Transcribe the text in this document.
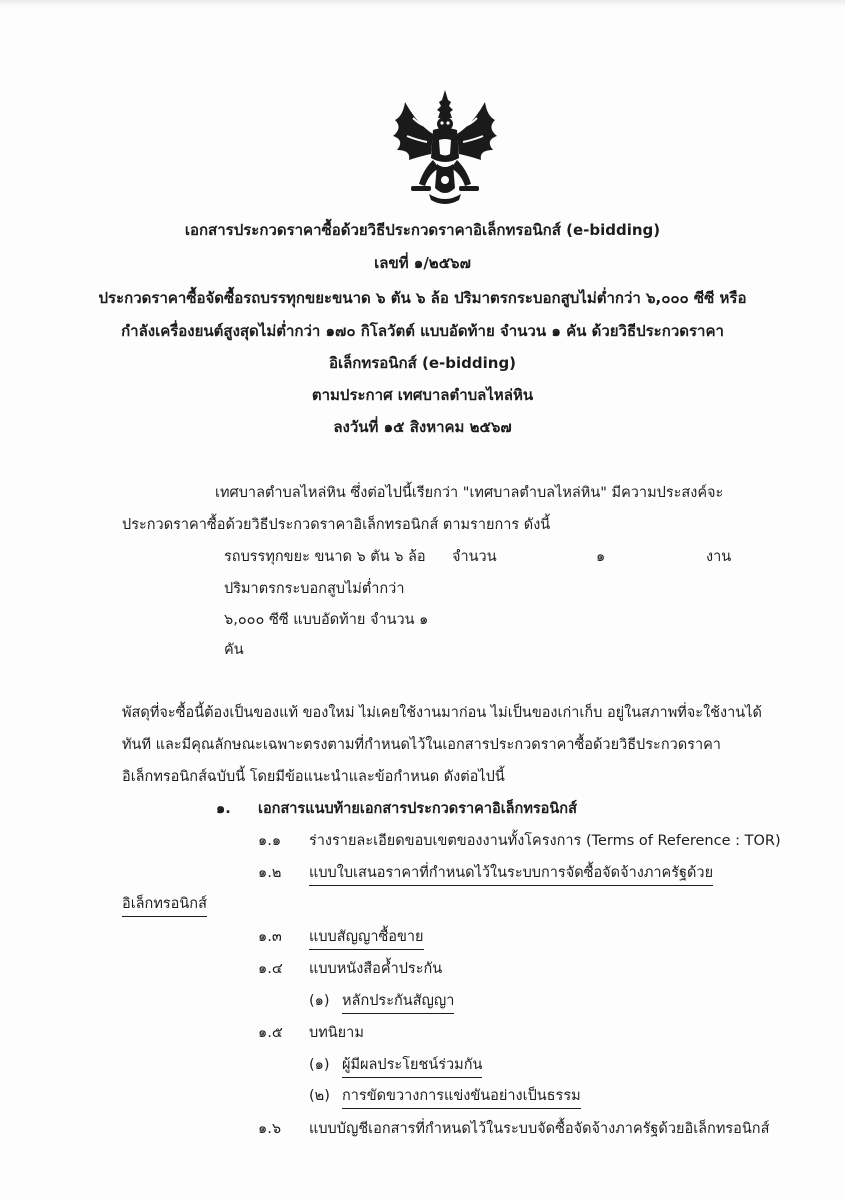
เอกสารประกวดราคาซื้อด้วยวิธีประกวดราคาอิเล็กทรอนิกส์ (e-bidding)
เลขที่ ๑/๒๕๖๗
ประกวดราคาซื้อจัดซื้อรถบรรทุกขยะขนาด ๖ ตัน ๖ ล้อ ปริมาตรกระบอกสูบไม่ต่ำกว่า ๖,๐๐๐ ซีซี หรือ
กำลังเครื่องยนต์สูงสุดไม่ต่ำกว่า ๑๗๐ กิโลวัตต์ แบบอัดท้าย จำนวน ๑ คัน ด้วยวิธีประกวดราคา
อิเล็กทรอนิกส์ (e-bidding)
ตามประกาศ เทศบาลตำบลไหล่หิน
ลงวันที่ ๑๕ สิงหาคม ๒๕๖๗
เทศบาลตำบลไหล่หิน ซึ่งต่อไปนี้เรียกว่า "เทศบาลตำบลไหล่หิน" มีความประสงค์จะ
ประกวดราคาซื้อด้วยวิธีประกวดราคาอิเล็กทรอนิกส์ ตามรายการ ดังนี้
รถบรรทุกขยะ ขนาด ๖ ตัน ๖ ล้อ จำนวน	๑	งาน
ปริมาตรกระบอกสูบไม่ต่ำกว่า
๖,๐๐๐ ซีซี แบบอัดท้าย จำนวน ๑
คัน
พัสดุที่จะซื้อนี้ต้องเป็นของแท้ ของใหม่ ไม่เคยใช้งานมาก่อน ไม่เป็นของเก่าเก็บ อยู่ในสภาพที่จะใช้งานได้
ทันที และมีคุณลักษณะเฉพาะตรงตามที่กำหนดไว้ในเอกสารประกวดราคาซื้อด้วยวิธีประกวดราคา
อิเล็กทรอนิกส์ฉบับนี้ โดยมีข้อแนะนำและข้อกำหนด ดังต่อไปนี้
๑. เอกสารแนบท้ายเอกสารประกวดราคาอิเล็กทรอนิกส์
๑.๑ ร่างรายละเอียดขอบเขตของงานทั้งโครงการ (Terms of Reference : TOR)
๑.๒ แบบใบเสนอราคาที่กำหนดไว้ในระบบการจัดซื้อจัดจ้างภาครัฐด้วย
อิเล็กทรอนิกส์
๑.๓ แบบสัญญาซื้อขาย
๑.๔ แบบหนังสือค้ำประกัน
(๑) หลักประกันสัญญา
๑.๕ บทนิยาม
(๑) ผู้มีผลประโยชน์ร่วมกัน
(๒) การขัดขวางการแข่งขันอย่างเป็นธรรม
๑.๖ แบบบัญชีเอกสารที่กำหนดไว้ในระบบจัดซื้อจัดจ้างภาครัฐด้วยอิเล็กทรอนิกส์
